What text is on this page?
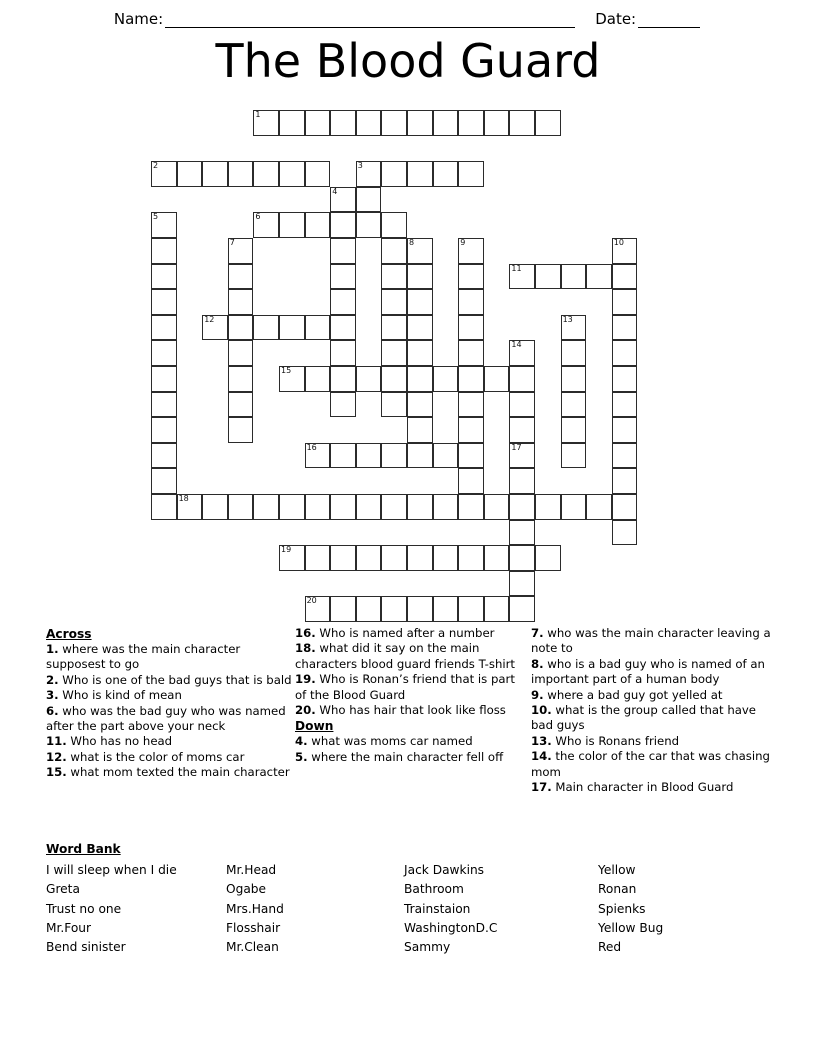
Name:	Date:
The Blood Guard
1
2	3
4
5	6
7	8	9	10
11
12	13
14
17
15
16
18
19
20
Across
1. where was the main character supposest to go
2. Who is one of the bad guys that is bald
3. Who is kind of mean
6. who was the bad guy who was named after the part above your neck
11. Who has no head
12. what is the color of moms car
15. what mom texted the main character
16. Who is named after a number
18. what did it say on the main characters blood guard friends T-shirt
19. Who is Ronan’s friend that is part of the Blood Guard
20. Who has hair that look like floss
Down
4. what was moms car named
5. where the main character fell off
7. who was the main character leaving a note to
8. who is a bad guy who is named of an important part of a human body
9. where a bad guy got yelled at
10. what is the group called that have bad guys
13. Who is Ronans friend
14. the color of the car that was chasing mom
17. Main character in Blood Guard
Word Bank
I will sleep when I die	Mr.Head	Jack Dawkins	Yellow
Greta	Ogabe	Bathroom	Ronan
Trust no one	Mrs.Hand	Trainstaion	Spienks
Mr.Four	Flosshair	WashingtonD.C	Yellow Bug
Bend sinister	Mr.Clean	Sammy	Red
